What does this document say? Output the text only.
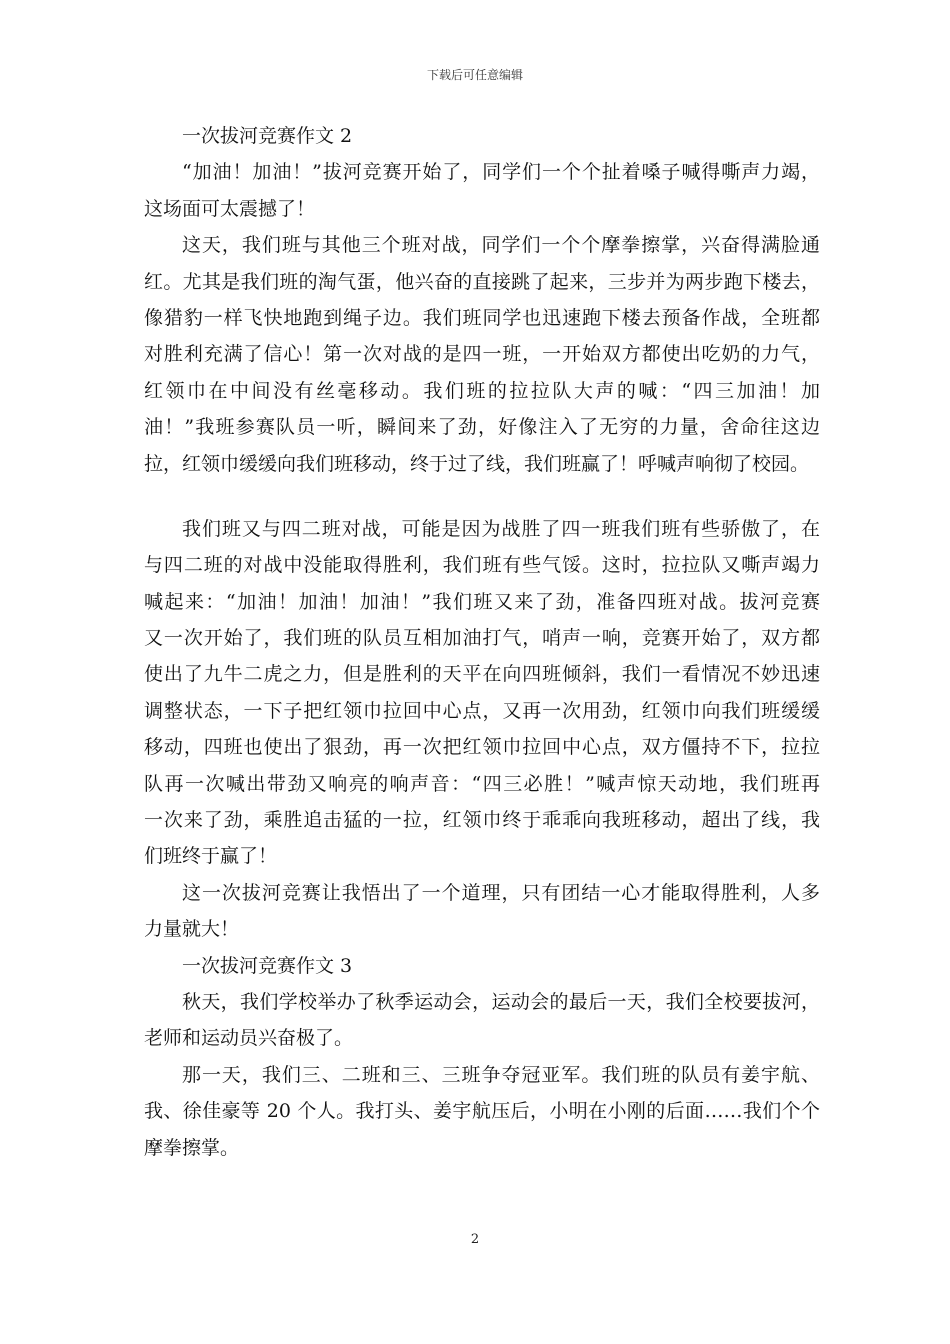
下载后可任意编辑
一次拔河竞赛作文 2
“加油！加油！”拔河竞赛开始了，同学们一个个扯着嗓子喊得嘶声力竭，
这场面可太震撼了！
这天，我们班与其他三个班对战，同学们一个个摩拳擦掌，兴奋得满脸通
红。尤其是我们班的淘气蛋，他兴奋的直接跳了起来，三步并为两步跑下楼去，
像猎豹一样飞快地跑到绳子边。我们班同学也迅速跑下楼去预备作战，全班都
对胜利充满了信心！第一次对战的是四一班，一开始双方都使出吃奶的力气，
红领巾在中间没有丝毫移动。我们班的拉拉队大声的喊：“四三加油！加
油！”我班参赛队员一听，瞬间来了劲，好像注入了无穷的力量，舍命往这边
拉，红领巾缓缓向我们班移动，终于过了线，我们班赢了！呼喊声响彻了校园。
我们班又与四二班对战，可能是因为战胜了四一班我们班有些骄傲了，在
与四二班的对战中没能取得胜利，我们班有些气馁。这时，拉拉队又嘶声竭力
喊起来：“加油！加油！加油！”我们班又来了劲，准备四班对战。拔河竞赛
又一次开始了，我们班的队员互相加油打气，哨声一响，竞赛开始了，双方都
使出了九牛二虎之力，但是胜利的天平在向四班倾斜，我们一看情况不妙迅速
调整状态，一下子把红领巾拉回中心点，又再一次用劲，红领巾向我们班缓缓
移动，四班也使出了狠劲，再一次把红领巾拉回中心点，双方僵持不下，拉拉
队再一次喊出带劲又响亮的响声音：“四三必胜！”喊声惊天动地，我们班再
一次来了劲，乘胜追击猛的一拉，红领巾终于乖乖向我班移动，超出了线，我
们班终于赢了！
这一次拔河竞赛让我悟出了一个道理，只有团结一心才能取得胜利，人多
力量就大！
一次拔河竞赛作文 3
秋天，我们学校举办了秋季运动会，运动会的最后一天，我们全校要拔河，
老师和运动员兴奋极了。
那一天，我们三、二班和三、三班争夺冠亚军。我们班的队员有姜宇航、
我、徐佳豪等 20 个人。我打头、姜宇航压后，小明在小刚的后面……我们个个
摩拳擦掌。
2
